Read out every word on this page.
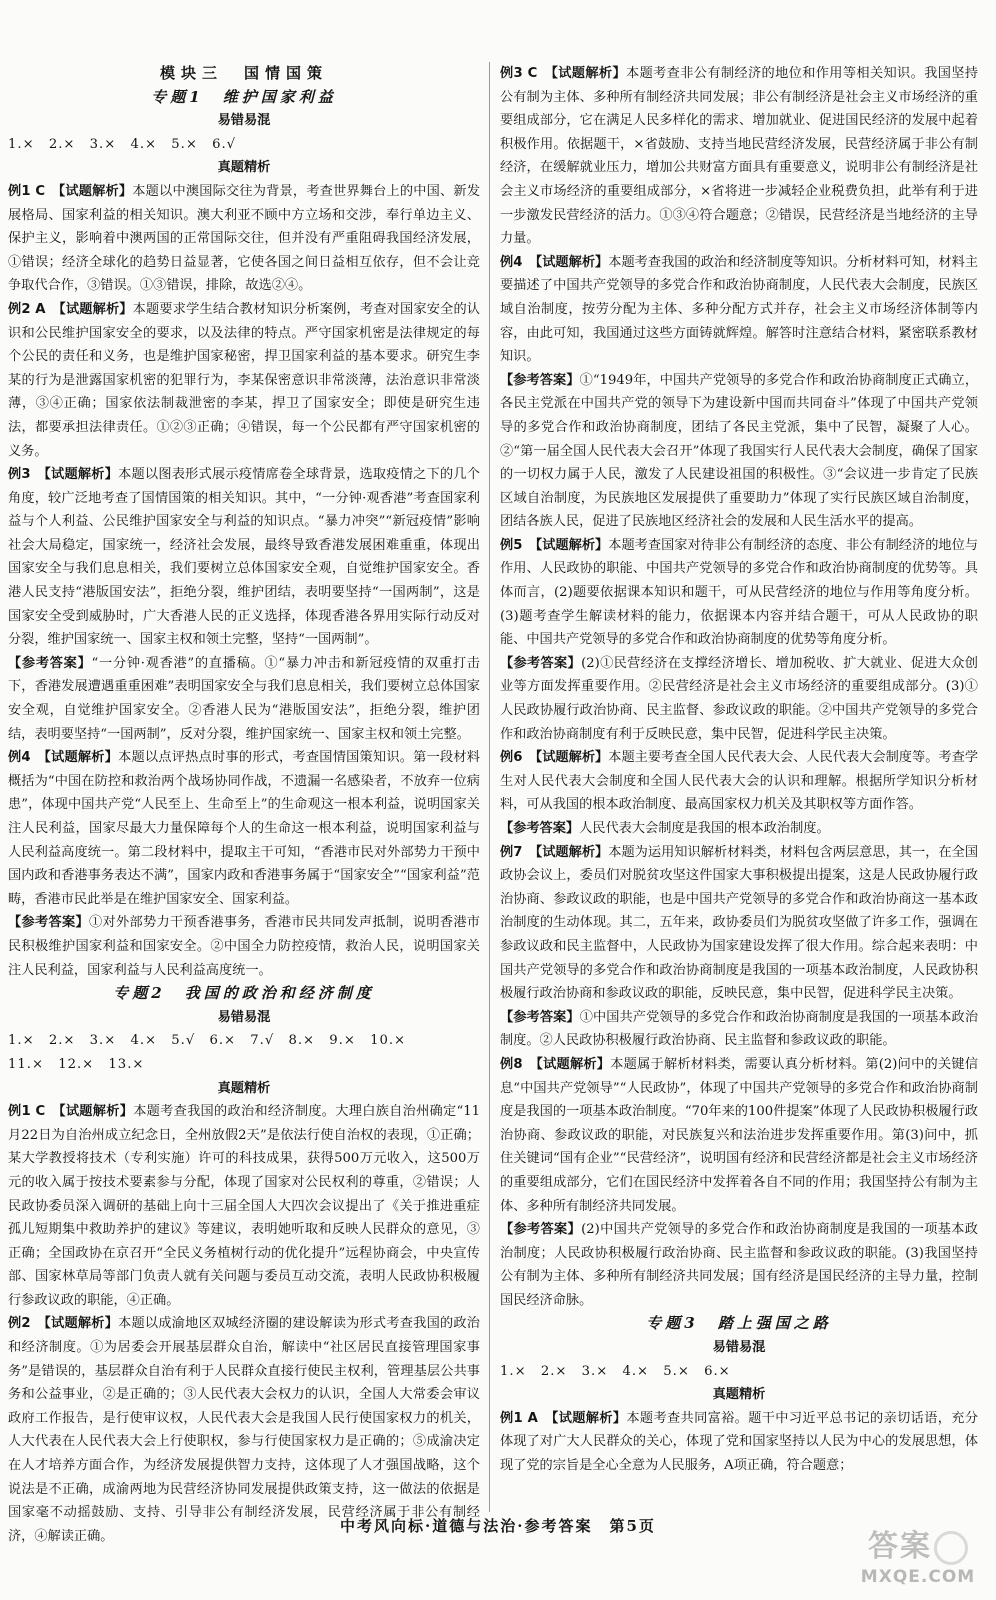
模块三　国情国策

专题1　维护国家利益

易错易混

1.×　2.×　3.×　4.×　5.×　6.√

真题精析

例1 C　 【试题解析】本题以中澳国际交往为背景，考查世界舞台上的中国、新发展格局、国家利益的相关知识。澳大利亚不顾中方立场和交涉，奉行单边主义、保护主义，影响着中澳两国的正常国际交往，但并没有严重阻碍我国经济发展，①错误；经济全球化的趋势日益显著，它使各国之间日益相互依存，但不会让竞争取代合作，③错误。①③错误，排除，故选②④。

例2 A　 【试题解析】本题要求学生结合教材知识分析案例，考查对国家安全的认识和公民维护国家安全的要求，以及法律的特点。严守国家机密是法律规定的每个公民的责任和义务，也是维护国家秘密，捍卫国家利益的基本要求。研究生李某的行为是泄露国家机密的犯罪行为，李某保密意识非常淡薄，法治意识非常淡薄，③④正确；国家依法制裁泄密的李某，捍卫了国家安全；即使是研究生违法，都要承担法律责任。①②③正确；④错误，每一个公民都有严守国家机密的义务。

例3　 【试题解析】本题以图表形式展示疫情席卷全球背景，选取疫情之下的几个角度，较广泛地考查了国情国策的相关知识。其中，“一分钟·观香港”考查国家利益与个人利益、公民维护国家安全与利益的知识点。“暴力冲突”“新冠疫情”影响社会大局稳定，国家统一，经济社会发展，最终导致香港发展困难重重，体现出国家安全与我们息息相关，我们要树立总体国家安全观，自觉维护国家安全。香港人民支持“港版国安法”，拒绝分裂，维护团结，表明要坚持“一国两制”，这是国家安全受到威胁时，广大香港人民的正义选择，体现香港各界用实际行动反对分裂，维护国家统一、国家主权和领土完整，坚持“一国两制”。

【参考答案】“一分钟·观香港”的直播稿。①“暴力冲击和新冠疫情的双重打击下，香港发展遭遇重重困难”表明国家安全与我们息息相关，我们要树立总体国家安全观，自觉维护国家安全。②香港人民为“港版国安法”，拒绝分裂，维护团结，表明要坚持“一国两制”，反对分裂，维护国家统一、国家主权和领土完整。

例4　 【试题解析】本题以点评热点时事的形式，考查国情国策知识。第一段材料概括为“中国在防控和救治两个战场协同作战，不遗漏一名感染者，不放弃一位病患”，体现中国共产党“人民至上、生命至上”的生命观这一根本利益，说明国家关注人民利益，国家尽最大力量保障每个人的生命这一根本利益，说明国家利益与人民利益高度统一。第二段材料中，提取主干可知，“香港市民对外部势力干预中国内政和香港事务表达不满”，国家内政和香港事务属于“国家安全”“国家利益”范畴，香港市民此举是在维护国家安全、国家利益。

【参考答案】①对外部势力干预香港事务，香港市民共同发声抵制，说明香港市民积极维护国家利益和国家安全。②中国全力防控疫情，救治人民，说明国家关注人民利益，国家利益与人民利益高度统一。

专题2　我国的政治和经济制度

易错易混

1.×　2.×　3.×　4.×　5.√　6.×　7.√　8.×　9.×　10.×

11.×　12.×　13.×

真题精析

例1 C　 【试题解析】本题考查我国的政治和经济制度。大理白族自治州确定“11月22日为自治州成立纪念日，全州放假2天”是依法行使自治权的表现，①正确；某大学教授将技术（专利实施）许可的科技成果，获得500万元收入，这500万元的收入属于按技术要素参与分配，体现了国家对公民权利的尊重，②错误；人民政协委员深入调研的基础上向十三届全国人大四次会议提出了《关于推进重症孤儿短期集中救助养护的建议》等建议，表明她听取和反映人民群众的意见，③正确；全国政协在京召开“全民义务植树行动的优化提升”远程协商会，中央宣传部、国家林草局等部门负责人就有关问题与委员互动交流，表明人民政协积极履行参政议政的职能，④正确。

例2　 【试题解析】本题以成渝地区双城经济圈的建设解读为形式考查我国的政治和经济制度。①为居委会开展基层群众自治，解读中“社区居民直接管理国家事务”是错误的，基层群众自治有利于人民群众直接行使民主权利，管理基层公共事务和公益事业，②是正确的；③人民代表大会权力的认识，全国人大常委会审议政府工作报告，是行使审议权，人民代表大会是我国人民行使国家权力的机关，人大代表在人民代表大会上行使职权，参与行使国家权力是正确的；⑤成渝决定在人才培养方面合作，为经济发展提供智力支持，这体现了人才强国战略，这个说法是不正确，成渝两地为民营经济协同发展提供政策支持，这一做法的依据是国家毫不动摇鼓励、支持、引导非公有制经济发展，民营经济属于非公有制经济，④解读正确。

例3 C　 【试题解析】本题考查非公有制经济的地位和作用等相关知识。我国坚持公有制为主体、多种所有制经济共同发展；非公有制经济是社会主义市场经济的重要组成部分，它在满足人民多样化的需求、增加就业、促进国民经济的发展中起着积极作用。依据题干，×省鼓励、支持当地民营经济发展，民营经济属于非公有制经济，在缓解就业压力，增加公共财富方面具有重要意义，说明非公有制经济是社会主义市场经济的重要组成部分，×省将进一步减轻企业税费负担，此举有利于进一步激发民营经济的活力。①③④符合题意；②错误，民营经济是当地经济的主导力量。

例4　 【试题解析】本题考查我国的政治和经济制度等知识。分析材料可知，材料主要描述了中国共产党领导的多党合作和政治协商制度，人民代表大会制度，民族区域自治制度，按劳分配为主体、多种分配方式并存，社会主义市场经济体制等内容，由此可知，我国通过这些方面铸就辉煌。解答时注意结合材料，紧密联系教材知识。

【参考答案】①“1949年，中国共产党领导的多党合作和政治协商制度正式确立，各民主党派在中国共产党的领导下为建设新中国而共同奋斗”体现了中国共产党领导的多党合作和政治协商制度，团结了各民主党派，集中了民智，凝聚了人心。②“第一届全国人民代表大会召开”体现了我国实行人民代表大会制度，确保了国家的一切权力属于人民，激发了人民建设祖国的积极性。③“会议进一步肯定了民族区域自治制度，为民族地区发展提供了重要助力”体现了实行民族区域自治制度，团结各族人民，促进了民族地区经济社会的发展和人民生活水平的提高。

例5　 【试题解析】本题考查国家对待非公有制经济的态度、非公有制经济的地位与作用、人民政协的职能、中国共产党领导的多党合作和政治协商制度的优势等。具体而言，(2)题要依据课本知识和题干，可从民营经济的地位与作用等角度分析。(3)题考查学生解读材料的能力，依据课本内容并结合题干，可从人民政协的职能、中国共产党领导的多党合作和政治协商制度的优势等角度分析。

【参考答案】(2)①民营经济在支撑经济增长、增加税收、扩大就业、促进大众创业等方面发挥重要作用。②民营经济是社会主义市场经济的重要组成部分。(3)①人民政协履行政治协商、民主监督、参政议政的职能。②中国共产党领导的多党合作和政治协商制度有利于反映民意，集中民智，促进科学民主决策。

例6　 【试题解析】本题主要考查全国人民代表大会、人民代表大会制度等。考查学生对人民代表大会制度和全国人民代表大会的认识和理解。根据所学知识分析材料，可从我国的根本政治制度、最高国家权力机关及其职权等方面作答。

【参考答案】人民代表大会制度是我国的根本政治制度。

例7　 【试题解析】本题为运用知识解析材料类，材料包含两层意思，其一，在全国政协会议上，委员们对脱贫攻坚这件国家大事积极提出提案，这是人民政协履行政治协商、参政议政的职能，也是中国共产党领导的多党合作和政治协商这一基本政治制度的生动体现。其二，五年来，政协委员们为脱贫攻坚做了许多工作，强调在参政议政和民主监督中，人民政协为国家建设发挥了很大作用。综合起来表明：中国共产党领导的多党合作和政治协商制度是我国的一项基本政治制度，人民政协积极履行政治协商和参政议政的职能，反映民意，集中民智，促进科学民主决策。

【参考答案】①中国共产党领导的多党合作和政治协商制度是我国的一项基本政治制度。②人民政协积极履行政治协商、民主监督和参政议政的职能。

例8　 【试题解析】本题属于解析材料类，需要认真分析材料。第(2)问中的关键信息“中国共产党领导”“人民政协”，体现了中国共产党领导的多党合作和政治协商制度是我国的一项基本政治制度。“70年来的100件提案”体现了人民政协积极履行政治协商、参政议政的职能，对民族复兴和法治进步发挥重要作用。第(3)问中，抓住关键词“国有企业”“民营经济”，说明国有经济和民营经济都是社会主义市场经济的重要组成部分，它们在国民经济中发挥着各自不同的作用；我国坚持公有制为主体、多种所有制经济共同发展。

【参考答案】(2)中国共产党领导的多党合作和政治协商制度是我国的一项基本政治制度；人民政协积极履行政治协商、民主监督和参政议政的职能。(3)我国坚持公有制为主体、多种所有制经济共同发展；国有经济是国民经济的主导力量，控制国民经济命脉。

专题3　踏上强国之路

易错易混

1.×　2.×　3.×　4.×　5.×　6.×

真题精析

例1 A　 【试题解析】本题考查共同富裕。题干中习近平总书记的亲切话语，充分体现了对广大人民群众的关心，体现了党和国家坚持以人民为中心的发展思想，体现了党的宗旨是全心全意为人民服务，A项正确，符合题意；

中考风向标·道德与法治·参考答案　第5页
答案
MXQE.COM
